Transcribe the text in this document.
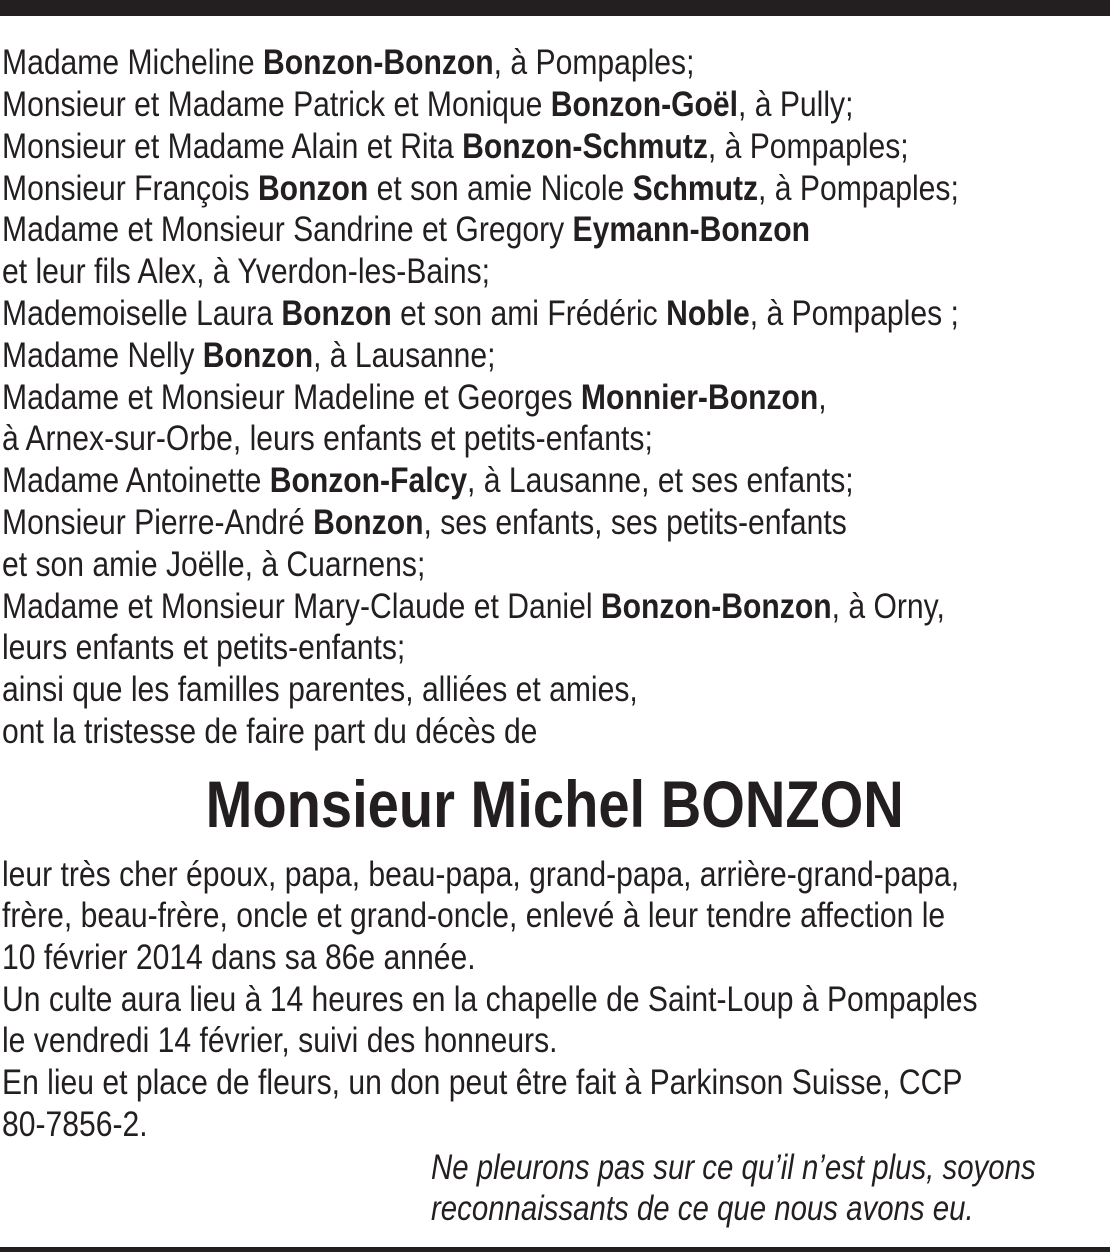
Madame Micheline Bonzon-Bonzon, à Pompaples;
Monsieur et Madame Patrick et Monique Bonzon-Goël, à Pully;
Monsieur et Madame Alain et Rita Bonzon-Schmutz, à Pompaples;
Monsieur François Bonzon et son amie Nicole Schmutz, à Pompaples;
Madame et Monsieur Sandrine et Gregory Eymann-Bonzon
et leur fils Alex, à Yverdon-les-Bains;
Mademoiselle Laura Bonzon et son ami Frédéric Noble, à Pompaples ;
Madame Nelly Bonzon, à Lausanne;
Madame et Monsieur Madeline et Georges Monnier-Bonzon,
à Arnex-sur-Orbe, leurs enfants et petits-enfants;
Madame Antoinette Bonzon-Falcy, à Lausanne, et ses enfants;
Monsieur Pierre-André Bonzon, ses enfants, ses petits-enfants
et son amie Joëlle, à Cuarnens;
Madame et Monsieur Mary-Claude et Daniel Bonzon-Bonzon, à Orny,
leurs enfants et petits-enfants;
ainsi que les familles parentes, alliées et amies,
ont la tristesse de faire part du décès de
Monsieur Michel BONZON
leur très cher époux, papa, beau-papa, grand-papa, arrière-grand-papa,
frère, beau-frère, oncle et grand-oncle, enlevé à leur tendre affection le
10 février 2014 dans sa 86e année.
Un culte aura lieu à 14 heures en la chapelle de Saint-Loup à Pompaples
le vendredi 14 février, suivi des honneurs.
En lieu et place de fleurs, un don peut être fait à Parkinson Suisse, CCP
80-7856-2.
Ne pleurons pas sur ce qu’il n’est plus, soyons
reconnaissants de ce que nous avons eu.
